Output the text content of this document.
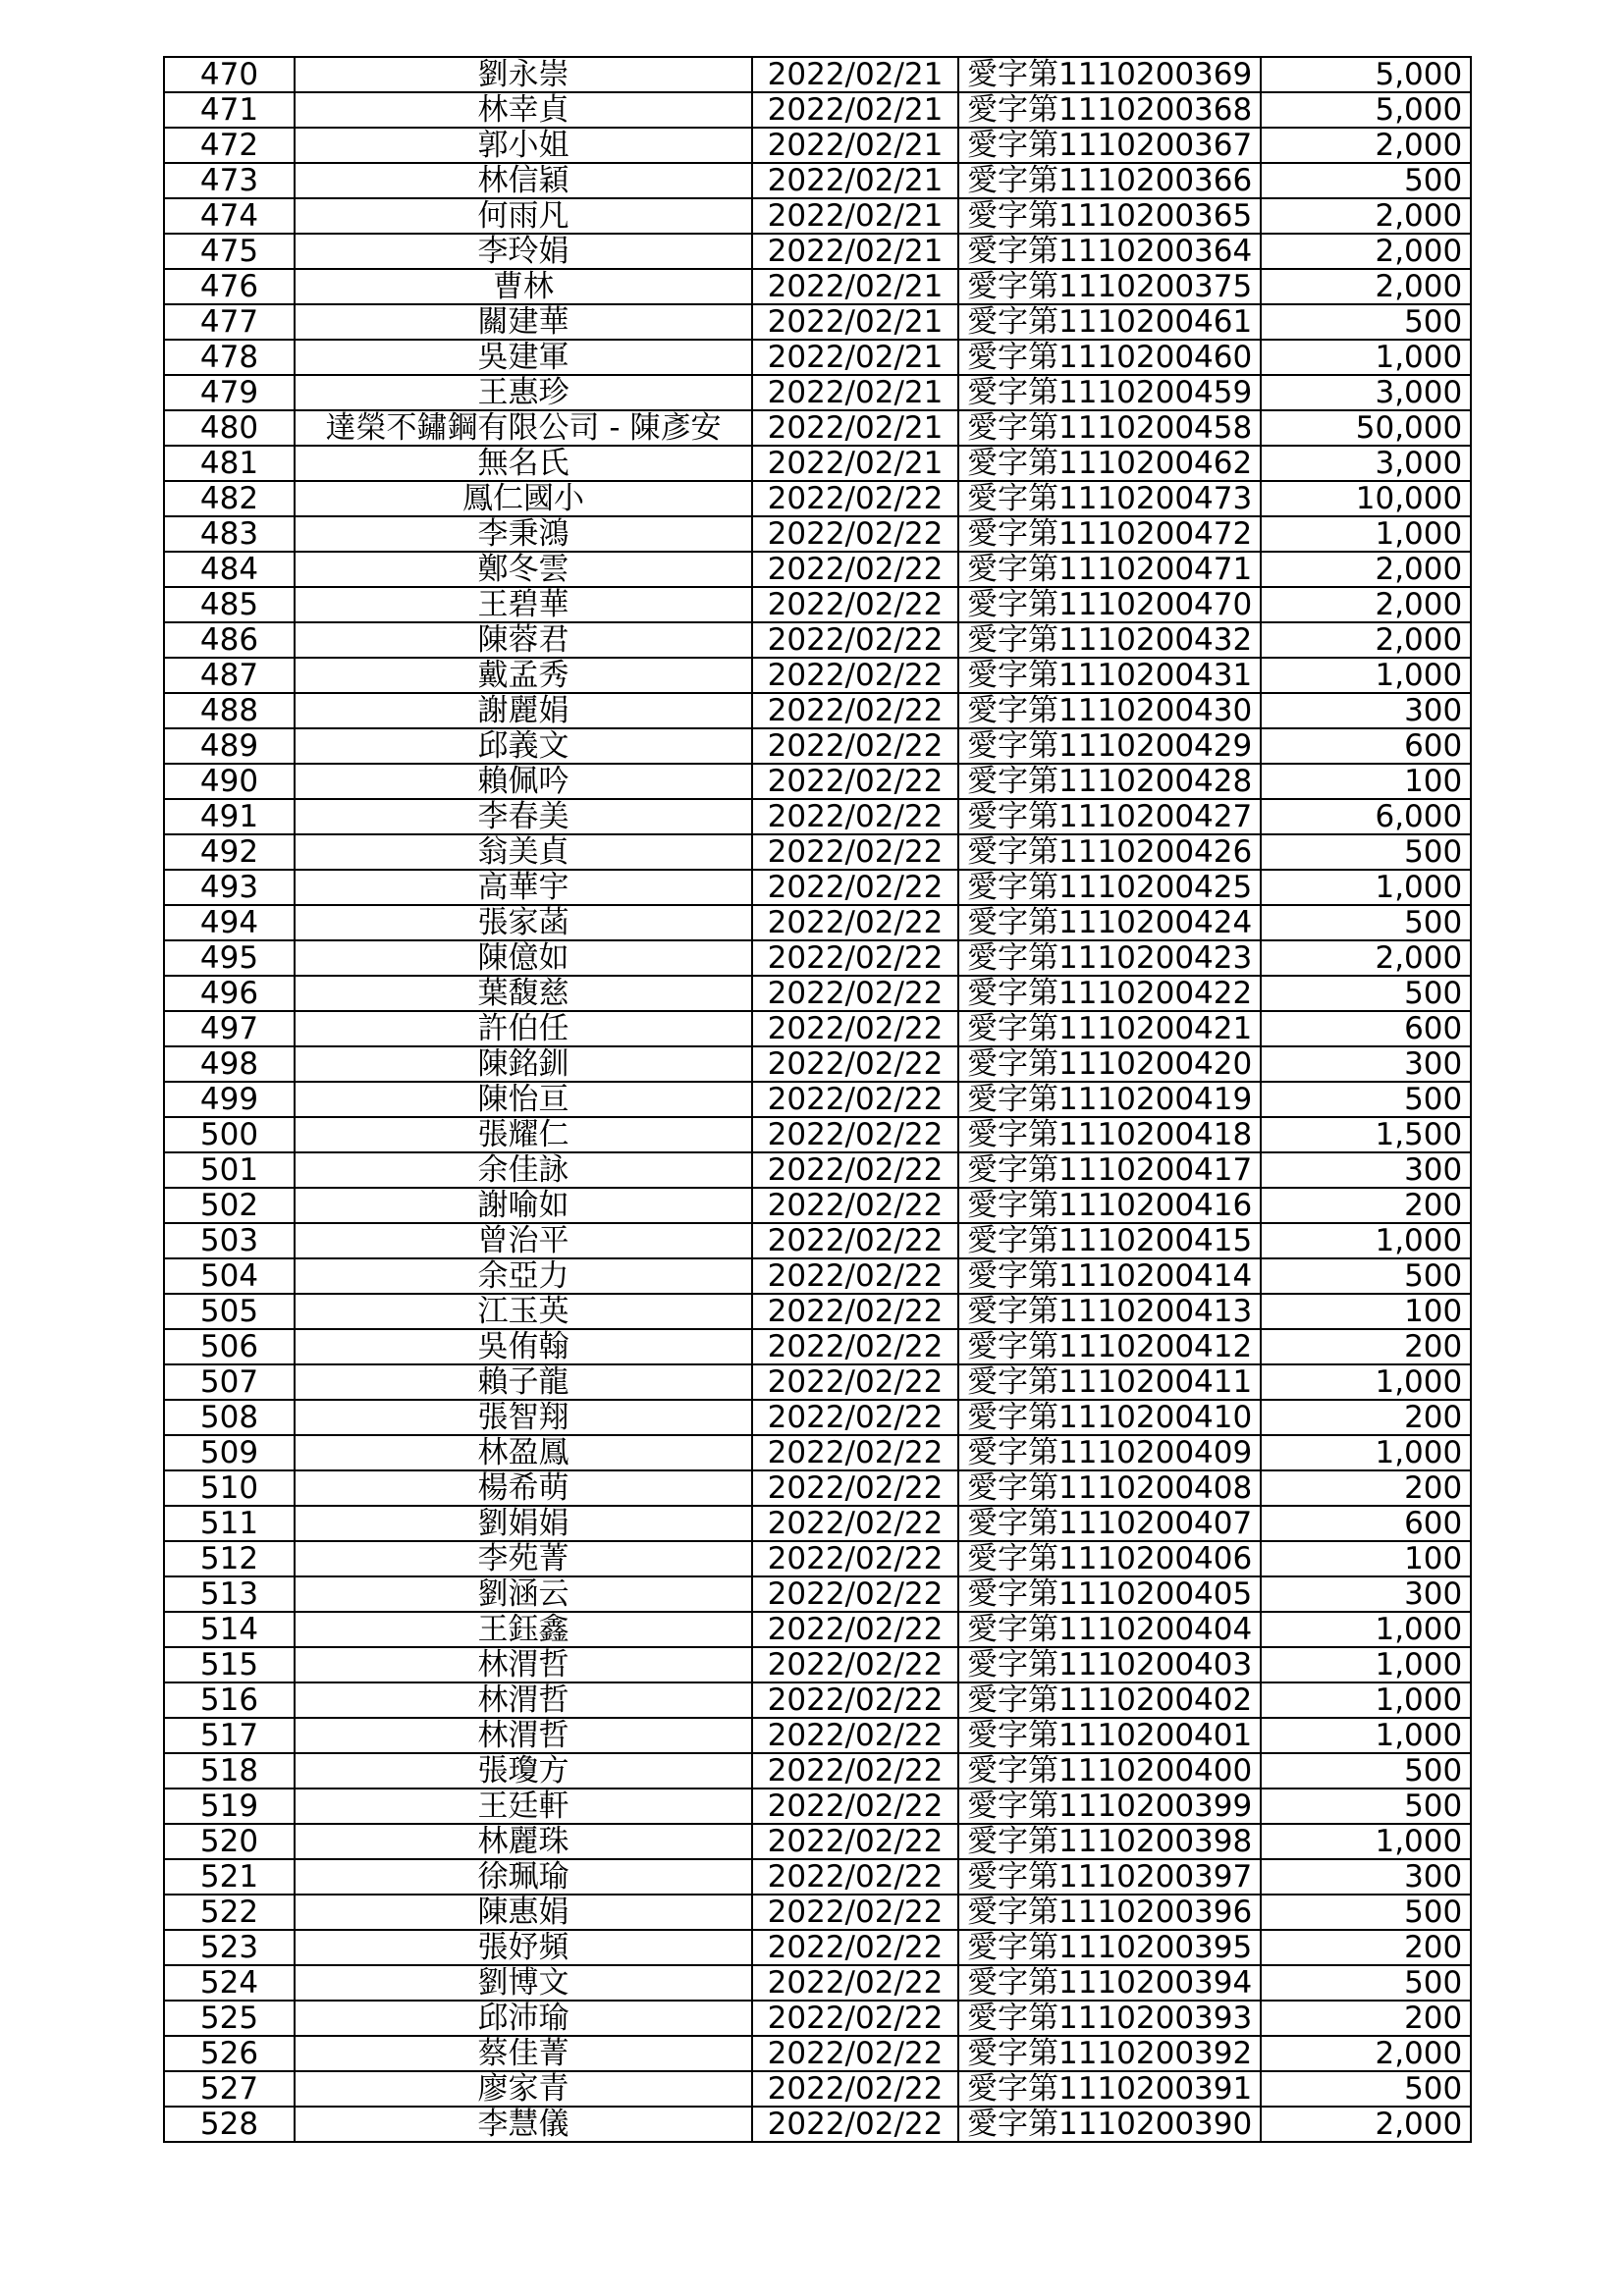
470	劉永崇	2022/02/21	愛字第1110200369	5,000
471	林幸貞	2022/02/21	愛字第1110200368	5,000
472	郭小姐	2022/02/21	愛字第1110200367	2,000
473	林信穎	2022/02/21	愛字第1110200366	500
474	何雨凡	2022/02/21	愛字第1110200365	2,000
475	李玲娟	2022/02/21	愛字第1110200364	2,000
476	曹林	2022/02/21	愛字第1110200375	2,000
477	關建華	2022/02/21	愛字第1110200461	500
478	吳建軍	2022/02/21	愛字第1110200460	1,000
479	王惠珍	2022/02/21	愛字第1110200459	3,000
480	達榮不鏽鋼有限公司 - 陳彥安	2022/02/21	愛字第1110200458	50,000
481	無名氏	2022/02/21	愛字第1110200462	3,000
482	鳳仁國小	2022/02/22	愛字第1110200473	10,000
483	李秉鴻	2022/02/22	愛字第1110200472	1,000
484	鄭冬雲	2022/02/22	愛字第1110200471	2,000
485	王碧華	2022/02/22	愛字第1110200470	2,000
486	陳蓉君	2022/02/22	愛字第1110200432	2,000
487	戴孟秀	2022/02/22	愛字第1110200431	1,000
488	謝麗娟	2022/02/22	愛字第1110200430	300
489	邱義文	2022/02/22	愛字第1110200429	600
490	賴佩吟	2022/02/22	愛字第1110200428	100
491	李春美	2022/02/22	愛字第1110200427	6,000
492	翁美貞	2022/02/22	愛字第1110200426	500
493	高華宇	2022/02/22	愛字第1110200425	1,000
494	張家菡	2022/02/22	愛字第1110200424	500
495	陳億如	2022/02/22	愛字第1110200423	2,000
496	葉馥慈	2022/02/22	愛字第1110200422	500
497	許伯任	2022/02/22	愛字第1110200421	600
498	陳銘釧	2022/02/22	愛字第1110200420	300
499	陳怡亘	2022/02/22	愛字第1110200419	500
500	張耀仁	2022/02/22	愛字第1110200418	1,500
501	余佳詠	2022/02/22	愛字第1110200417	300
502	謝喻如	2022/02/22	愛字第1110200416	200
503	曾治平	2022/02/22	愛字第1110200415	1,000
504	余亞力	2022/02/22	愛字第1110200414	500
505	江玉英	2022/02/22	愛字第1110200413	100
506	吳侑翰	2022/02/22	愛字第1110200412	200
507	賴子龍	2022/02/22	愛字第1110200411	1,000
508	張智翔	2022/02/22	愛字第1110200410	200
509	林盈鳳	2022/02/22	愛字第1110200409	1,000
510	楊希萌	2022/02/22	愛字第1110200408	200
511	劉娟娟	2022/02/22	愛字第1110200407	600
512	李苑菁	2022/02/22	愛字第1110200406	100
513	劉涵云	2022/02/22	愛字第1110200405	300
514	王鈺鑫	2022/02/22	愛字第1110200404	1,000
515	林渭哲	2022/02/22	愛字第1110200403	1,000
516	林渭哲	2022/02/22	愛字第1110200402	1,000
517	林渭哲	2022/02/22	愛字第1110200401	1,000
518	張瓊方	2022/02/22	愛字第1110200400	500
519	王廷軒	2022/02/22	愛字第1110200399	500
520	林麗珠	2022/02/22	愛字第1110200398	1,000
521	徐珮瑜	2022/02/22	愛字第1110200397	300
522	陳惠娟	2022/02/22	愛字第1110200396	500
523	張妤頻	2022/02/22	愛字第1110200395	200
524	劉博文	2022/02/22	愛字第1110200394	500
525	邱沛瑜	2022/02/22	愛字第1110200393	200
526	蔡佳菁	2022/02/22	愛字第1110200392	2,000
527	廖家青	2022/02/22	愛字第1110200391	500
528	李慧儀	2022/02/22	愛字第1110200390	2,000
